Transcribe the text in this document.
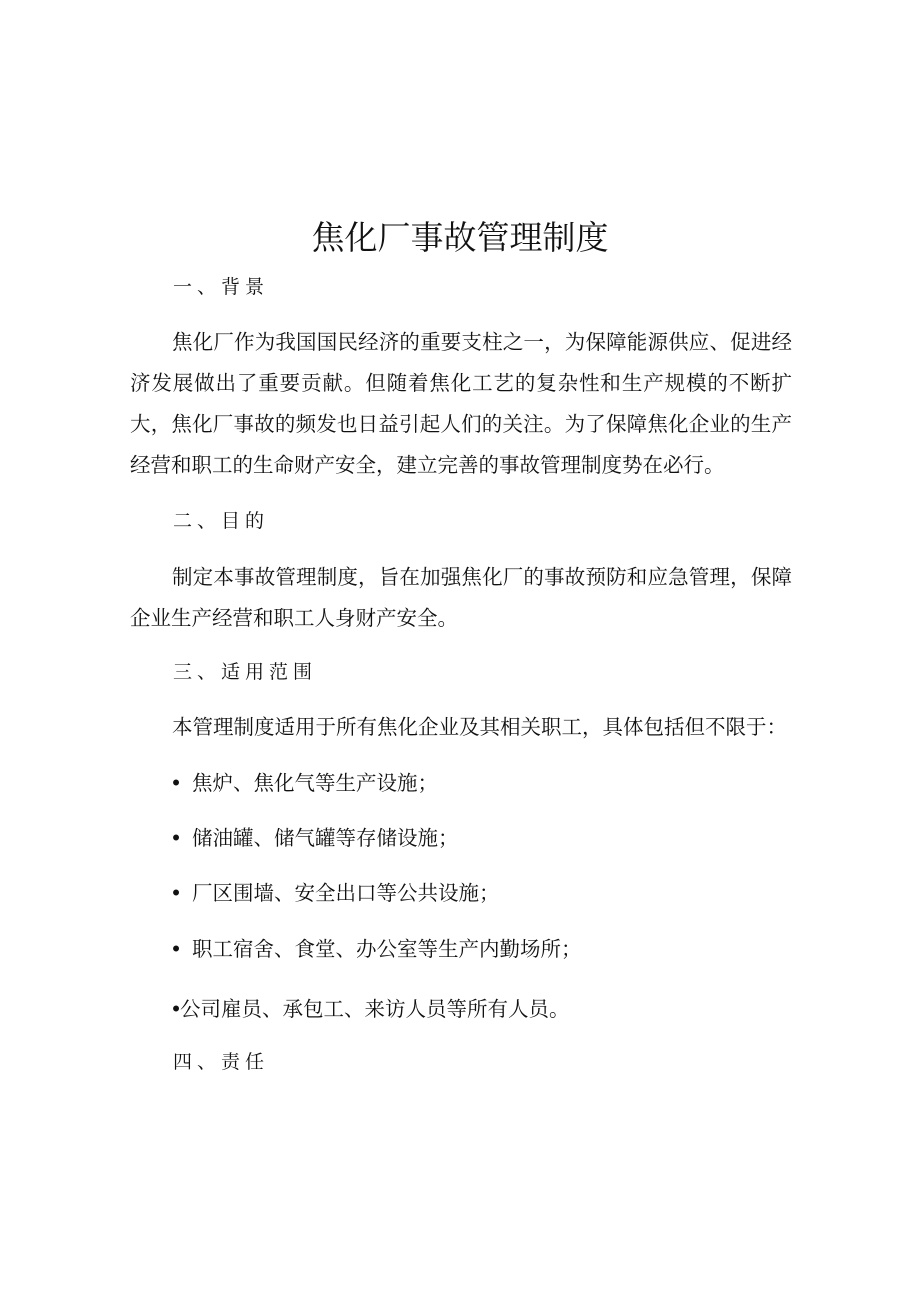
焦化厂事故管理制度
一、背景

焦化厂作为我国国民经济的重要支柱之一，为保障能源供应、促进经济发展做出了重要贡献。但随着焦化工艺的复杂性和生产规模的不断扩大，焦化厂事故的频发也日益引起人们的关注。为了保障焦化企业的生产经营和职工的生命财产安全，建立完善的事故管理制度势在必行。

二、目的

制定本事故管理制度，旨在加强焦化厂的事故预防和应急管理，保障企业生产经营和职工人身财产安全。

三、适用范围

本管理制度适用于所有焦化企业及其相关职工，具体包括但不限于：

• 焦炉、焦化气等生产设施；
• 储油罐、储气罐等存储设施；
• 厂区围墙、安全出口等公共设施；
• 职工宿舍、食堂、办公室等生产内勤场所；
•公司雇员、承包工、来访人员等所有人员。
四、责任
